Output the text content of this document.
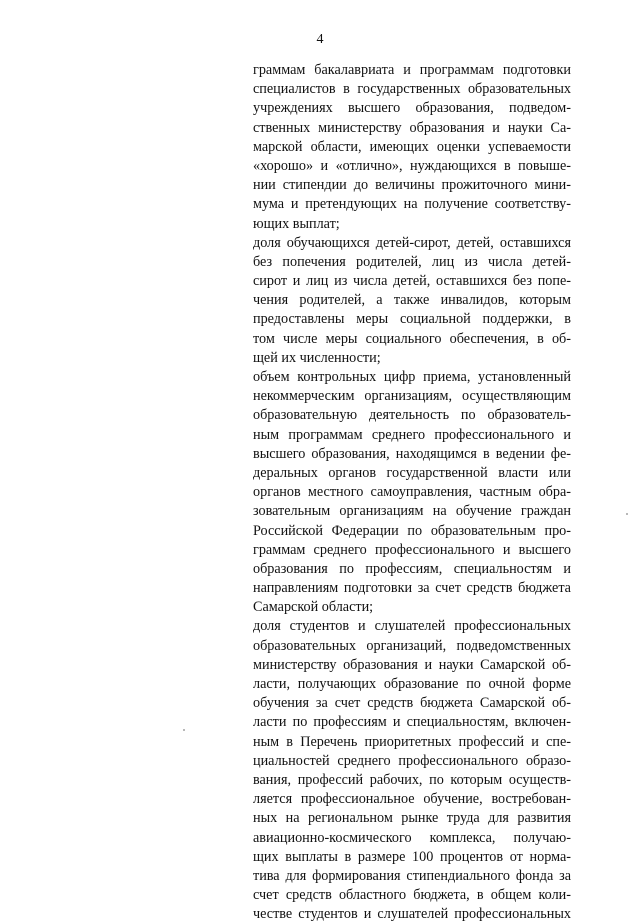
4
граммам бакалавриата и программам подготовки
специалистов в государственных образовательных
учреждениях высшего образования, подведом-
ственных министерству образования и науки Са-
марской области, имеющих оценки успеваемости
«хорошо» и «отлично», нуждающихся в повыше-
нии стипендии до величины прожиточного мини-
мума и претендующих на получение соответству-
ющих выплат;
доля обучающихся детей-сирот, детей, оставшихся
без попечения родителей, лиц из числа детей-
сирот и лиц из числа детей, оставшихся без попе-
чения родителей, а также инвалидов, которым
предоставлены меры социальной поддержки, в
том числе меры социального обеспечения, в об-
щей их численности;
объем контрольных цифр приема, установленный
некоммерческим организациям, осуществляющим
образовательную деятельность по образователь-
ным программам среднего профессионального и
высшего образования, находящимся в ведении фе-
деральных органов государственной власти или
органов местного самоуправления, частным обра-
зовательным организациям на обучение граждан
Российской Федерации по образовательным про-
граммам среднего профессионального и высшего
образования по профессиям, специальностям и
направлениям подготовки за счет средств бюджета
Самарской области;
доля студентов и слушателей профессиональных
образовательных организаций, подведомственных
министерству образования и науки Самарской об-
ласти, получающих образование по очной форме
обучения за счет средств бюджета Самарской об-
ласти по профессиям и специальностям, включен-
ным в Перечень приоритетных профессий и спе-
циальностей среднего профессионального образо-
вания, профессий рабочих, по которым осуществ-
ляется профессиональное обучение, востребован-
ных на региональном рынке труда для развития
авиационно-космического комплекса, получаю-
щих выплаты в размере 100 процентов от норма-
тива для формирования стипендиального фонда за
счет средств областного бюджета, в общем коли-
честве студентов и слушателей профессиональных
